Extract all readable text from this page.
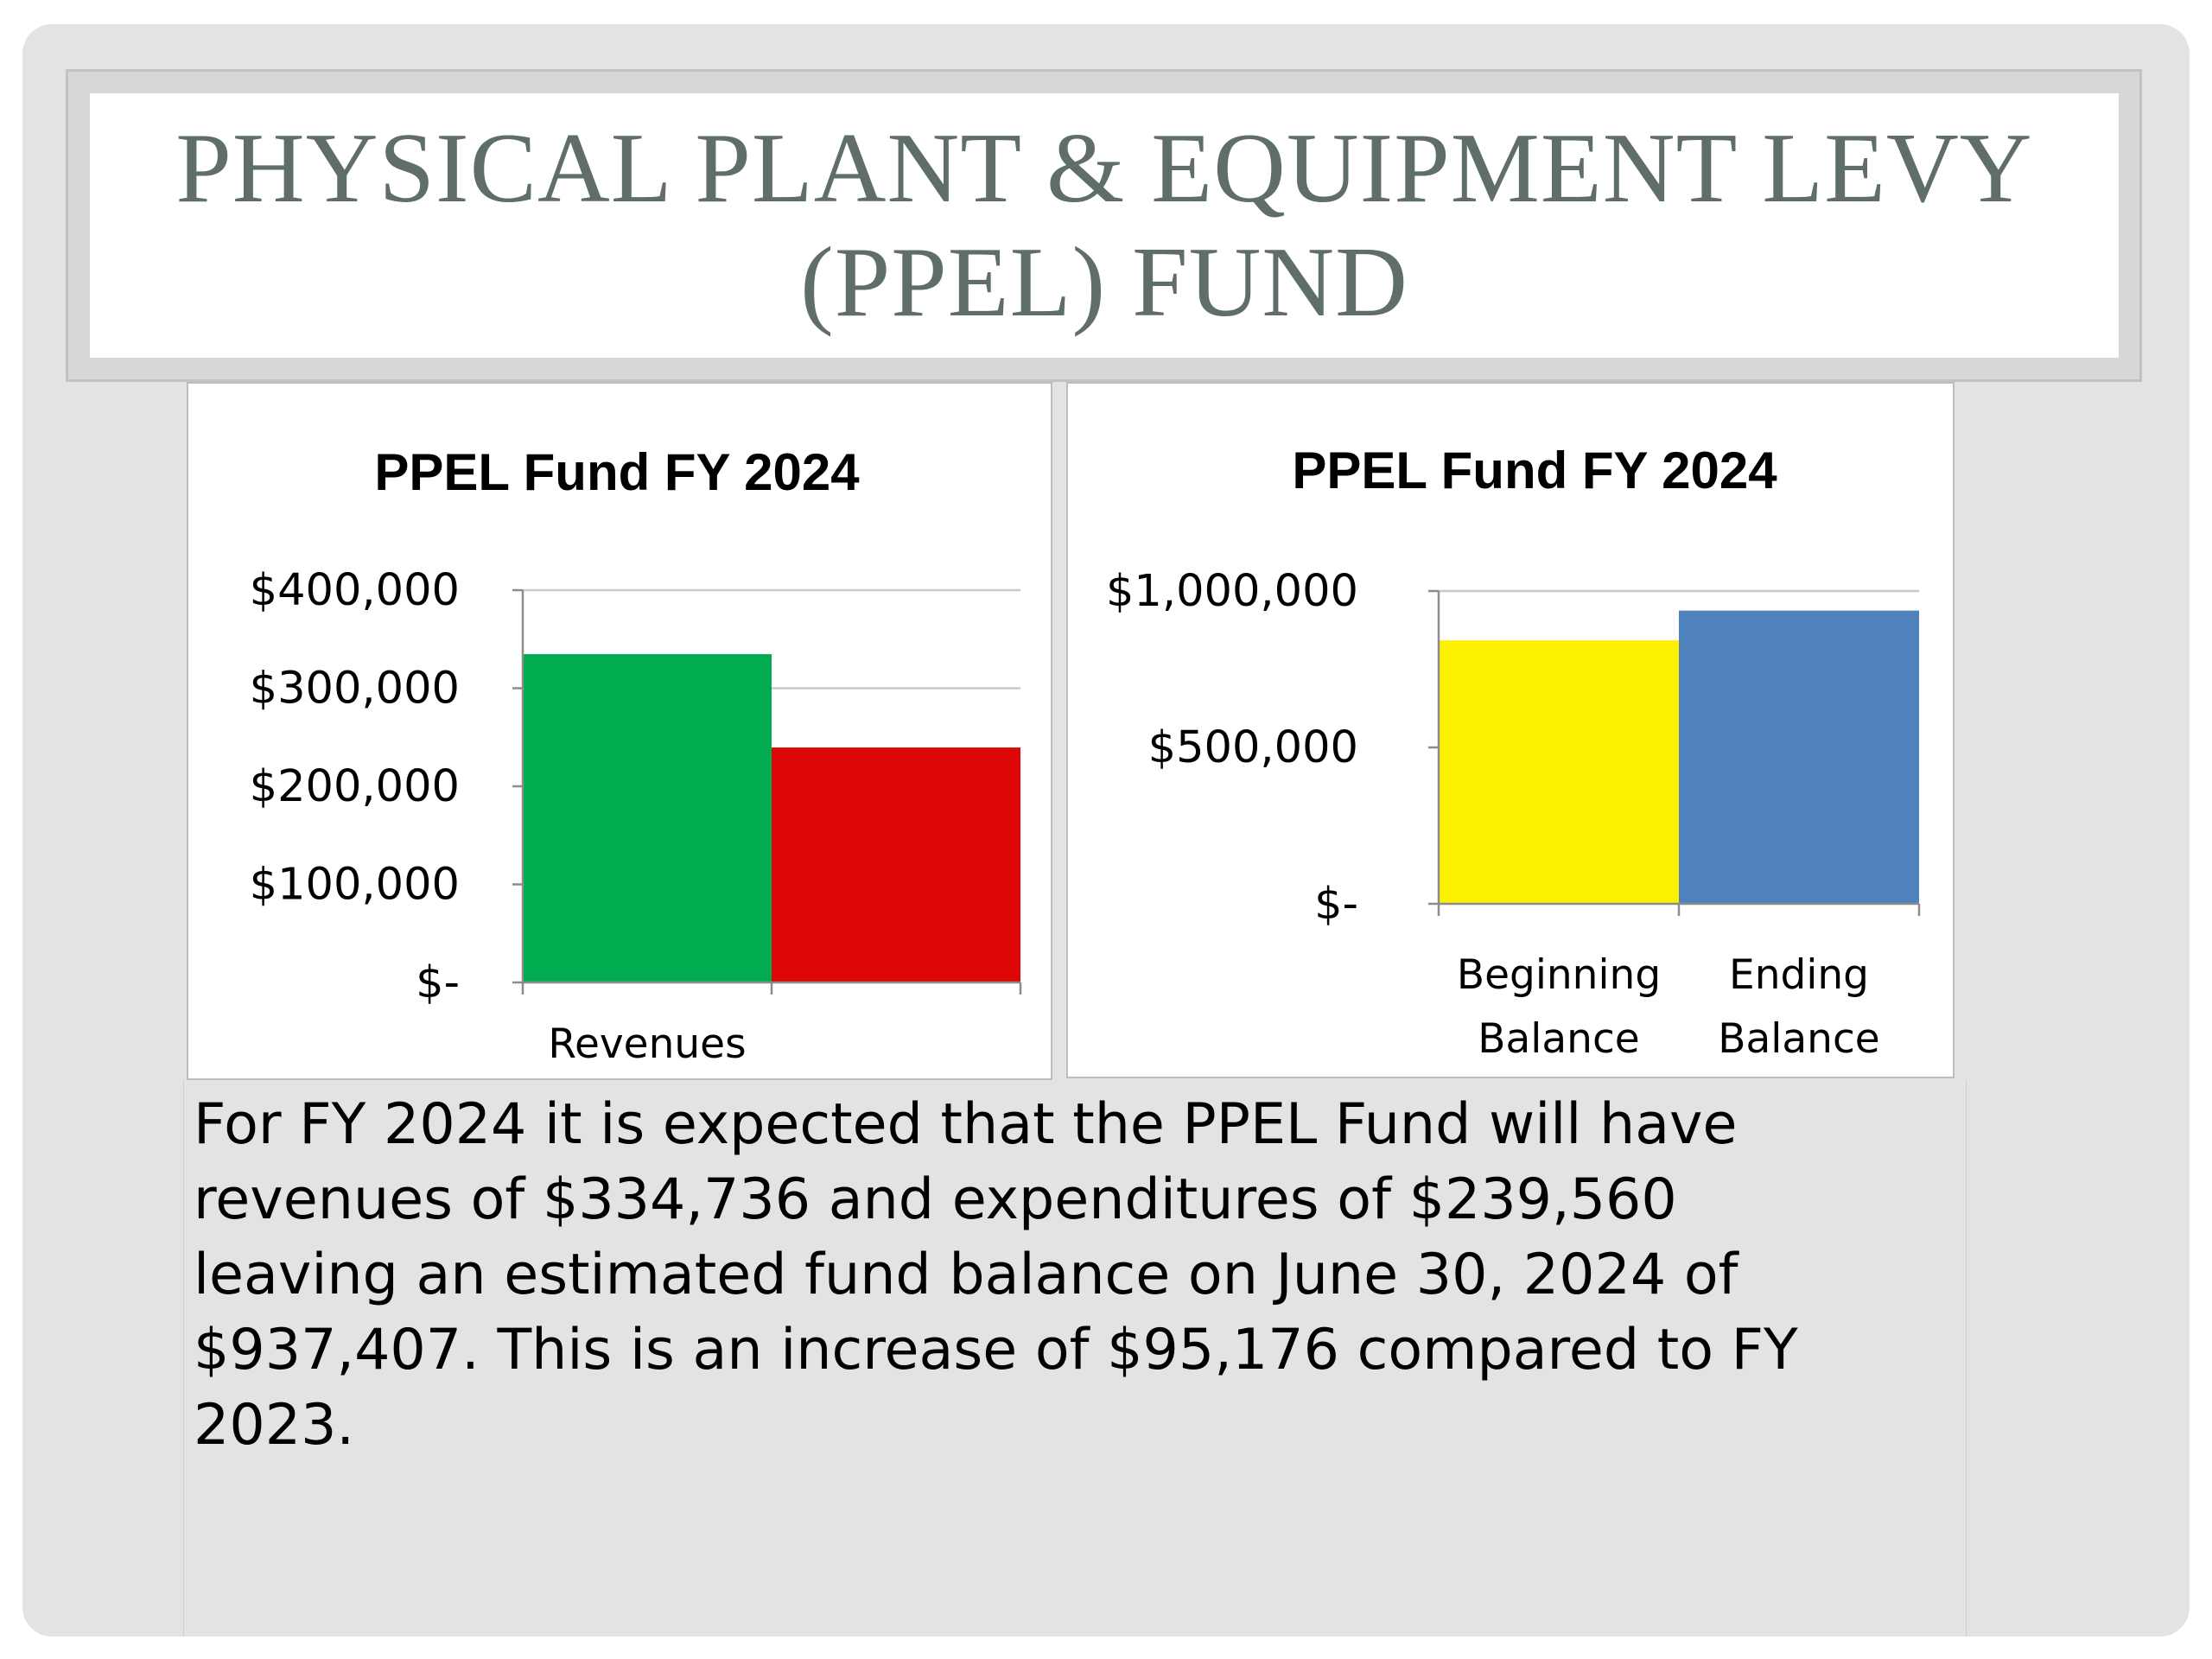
PHYSICAL PLANT & EQUIPMENT LEVY
(PPEL) FUND
PPEL Fund FY 2024
$400,000
$300,000
$200,000
$100,000
$-
Revenues
PPEL Fund FY 2024
$1,000,000
$500,000
$-
Beginning Balance
Ending Balance
For FY 2024 it is expected that the PPEL Fund will have
revenues of $334,736 and expenditures of $239,560
leaving an estimated fund balance on June 30, 2024 of
$937,407. This is an increase of $95,176 compared to FY
2023.
